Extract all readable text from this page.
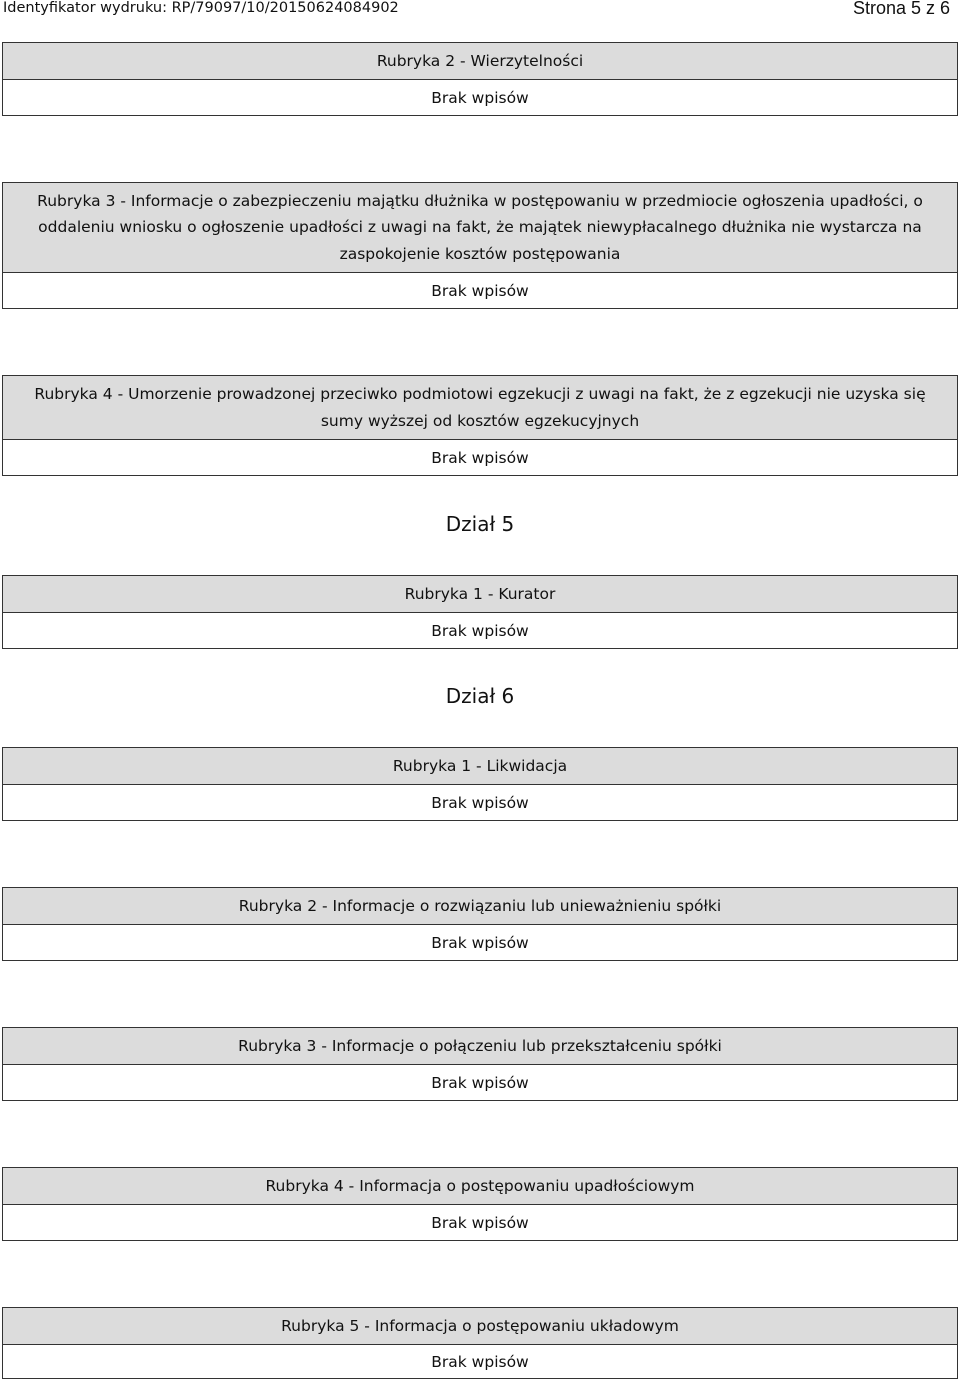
Identyfikator wydruku: RP/79097/10/20150624084902	Strona 5 z 6
Rubryka 2 - Wierzytelności
Brak wpisów
Rubryka 3 - Informacje o zabezpieczeniu majątku dłużnika w postępowaniu w przedmiocie ogłoszenia upadłości, o oddaleniu wniosku o ogłoszenie upadłości z uwagi na fakt, że majątek niewypłacalnego dłużnika nie wystarcza na zaspokojenie kosztów postępowania
Brak wpisów
Rubryka 4 - Umorzenie prowadzonej przeciwko podmiotowi egzekucji z uwagi na fakt, że z egzekucji nie uzyska się sumy wyższej od kosztów egzekucyjnych
Brak wpisów
Dział 5
Rubryka 1 - Kurator
Brak wpisów
Dział 6
Rubryka 1 - Likwidacja
Brak wpisów
Rubryka 2 - Informacje o rozwiązaniu lub unieważnieniu spółki
Brak wpisów
Rubryka 3 - Informacje o połączeniu lub przekształceniu spółki
Brak wpisów
Rubryka 4 - Informacja o postępowaniu upadłościowym
Brak wpisów
Rubryka 5 - Informacja o postępowaniu układowym
Brak wpisów
